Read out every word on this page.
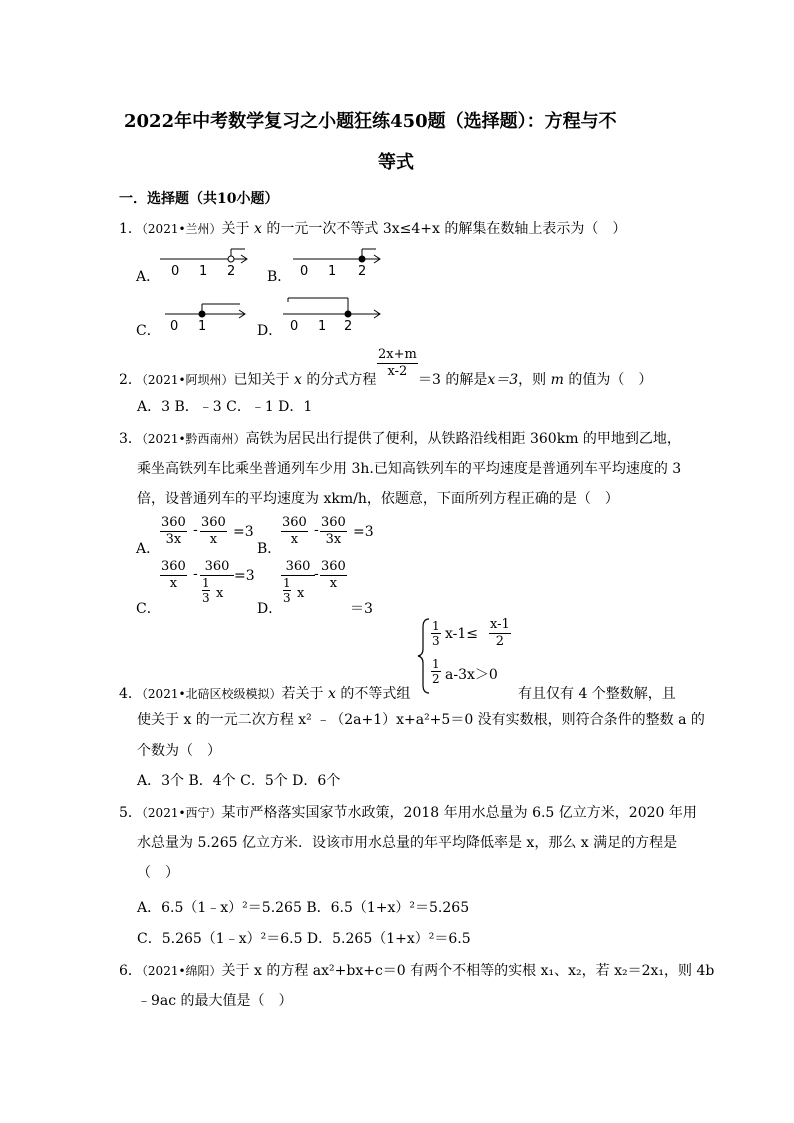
2022年中考数学复习之小题狂练450题（选择题）：方程与不
等式
一．选择题（共10小题）
1．（2021•兰州）关于 x 的一元一次不等式 3x≤4+x 的解集在数轴上表示为（　）
A． 0 1 2 B． 0 1 2
C． 0 1	D． 0 1 2
$\frac{2x+m}{x-2}$
2．（2021•阿坝州）已知关于 x 的分式方程	＝3 的解是x＝3，则 m 的值为（　）
A．3 B．﹣3 C．﹣1 D．1
3．（2021•黔西南州）高铁为居民出行提供了便利，从铁路沿线相距 360km 的甲地到乙地，
乘坐高铁列车比乘坐普通列车少用 3h.已知高铁列车的平均速度是普通列车平均速度的 3
倍，设普通列车的平均速度为 xkm/h，依题意，下面所列方程正确的是（　）
A．
$\frac{360}{3x} - \frac{360}{x} =3$
B．
$\frac{360}{x} - \frac{360}{3x} =3$
C．
$\frac{360}{x} - 360$
1
3 x =3
D．
360
1
3 x - $\frac{360}{x}$
＝3
$\frac{1}{3} x-1\le \frac{x-1}{2}$
$\frac{1}{2} a-3x>0$
4．（2021•北碚区校级模拟）若关于 x 的不等式组	有且仅有 4 个整数解，且
使关于 x 的一元二次方程 x² ﹣（2a+1）x+a²+5＝0 没有实数根，则符合条件的整数 a 的
个数为（　）
A．3个 B．4个 C．5个 D．6个
5．（2021•西宁）某市严格落实国家节水政策，2018 年用水总量为 6.5 亿立方米，2020 年用
水总量为 5.265 亿立方米．设该市用水总量的年平均降低率是 x，那么 x 满足的方程是
（　）
A．6.5（1﹣x）²＝5.265 B．6.5（1+x）²＝5.265
C．5.265（1﹣x）²＝6.5 D．5.265（1+x）²＝6.5
6．（2021•绵阳）关于 x 的方程 ax²+bx+c＝0 有两个不相等的实根 x₁、x₂，若 x₂＝2x₁，则 4b
﹣9ac 的最大值是（　）
